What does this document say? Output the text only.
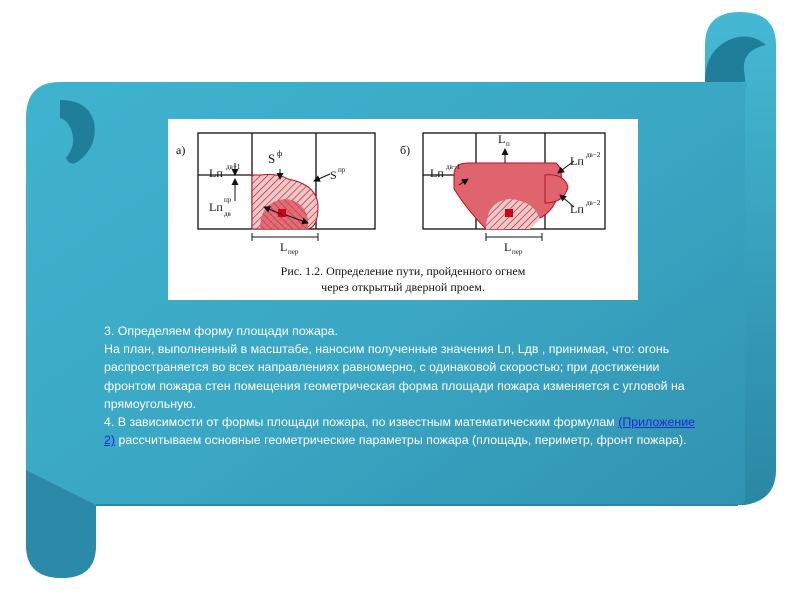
а)
Lп дв−1
Lп пр
дв
S ф
S пр
L пер
б)
L п
Lп дв−1	Lп дв−2
Lп дв−2
L пер
Рис. 1.2. Определение пути, пройденного огнем
через открытый дверной проем.

3. Определяем форму площади пожара.

На план, выполненный в масштабе, наносим полученные значения Lп, Lдв , принимая, что: огонь распространяется во всех направлениях равномерно, с одинаковой скоростью; при достижении фронтом пожара стен помещения геометрическая форма площади пожара изменяется с угловой на прямоугольную.

4. В зависимости от формы площади пожара, по известным математическим формулам (Приложение 2) рассчитываем основные геометрические параметры пожара (площадь, периметр, фронт пожара).
